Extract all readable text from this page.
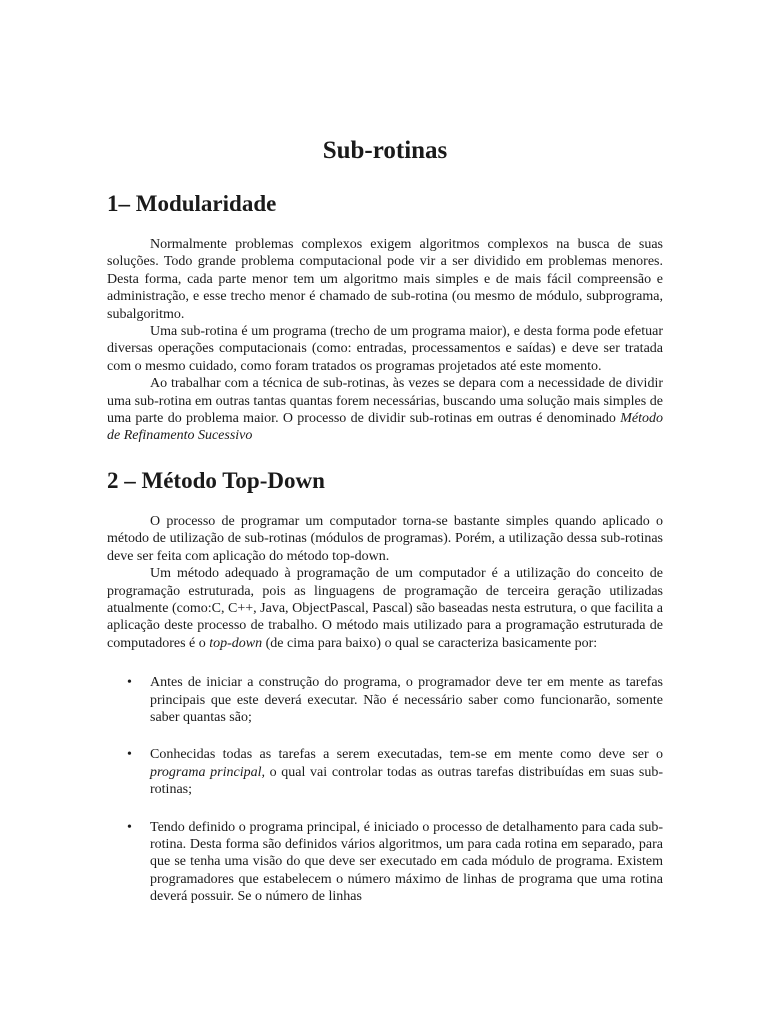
Sub-rotinas
1– Modularidade

Normalmente problemas complexos exigem algoritmos complexos na busca de suas soluções. Todo grande problema computacional pode vir a ser dividido em problemas menores. Desta forma, cada parte menor tem um algoritmo mais simples e de mais fácil compreensão e administração, e esse trecho menor é chamado de sub-rotina (ou mesmo de módulo, subprograma, subalgoritmo.

Uma sub-rotina é um programa (trecho de um programa maior), e desta forma pode efetuar diversas operações computacionais (como: entradas, processamentos e saídas) e deve ser tratada com o mesmo cuidado, como foram tratados os programas projetados até este momento.

Ao trabalhar com a técnica de sub-rotinas, às vezes se depara com a necessidade de dividir uma sub-rotina em outras tantas quantas forem necessárias, buscando uma solução mais simples de uma parte do problema maior. O processo de dividir sub-rotinas em outras é denominado Método de Refinamento Sucessivo

2 – Método Top-Down

O processo de programar um computador torna-se bastante simples quando aplicado o método de utilização de sub-rotinas (módulos de programas). Porém, a utilização dessa sub-rotinas deve ser feita com aplicação do método top-down.

Um método adequado à programação de um computador é a utilização do conceito de programação estruturada, pois as linguagens de programação de terceira geração utilizadas atualmente (como:C, C++, Java, ObjectPascal, Pascal) são baseadas nesta estrutura, o que facilita a aplicação deste processo de trabalho. O método mais utilizado para a programação estruturada de computadores é o top-down (de cima para baixo) o qual se caracteriza basicamente por:

• Antes de iniciar a construção do programa, o programador deve ter em mente as tarefas principais que este deverá executar. Não é necessário saber como funcionarão, somente saber quantas são;
• Conhecidas todas as tarefas a serem executadas, tem-se em mente como deve ser o programa principal, o qual vai controlar todas as outras tarefas distribuídas em suas sub-rotinas;
• Tendo definido o programa principal, é iniciado o processo de detalhamento para cada sub-rotina. Desta forma são definidos vários algoritmos, um para cada rotina em separado, para que se tenha uma visão do que deve ser executado em cada módulo de programa. Existem programadores que estabelecem o número máximo de linhas de programa que uma rotina deverá possuir. Se o número de linhas
